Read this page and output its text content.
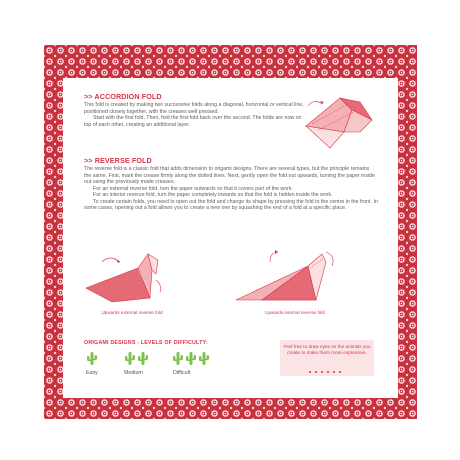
>> ACCORDION FOLD

This fold is created by making two successive folds along a diagonal, horizontal or vertical line, positioned closely together, with the creases well pressed.

Start with the first fold. Then, fold the first fold back over the second. The folds are now on top of each other, creating an additional layer.

>> REVERSE FOLD

The reverse fold is a classic fold that adds dimension to origami designs. There are several types, but the principle remains the same. First, mark the crease firmly along the dotted lines. Next, gently open the fold out upwards, turning the paper inside out using the previously made creases.

For an external reverse fold, turn the paper outwards so that it covers part of the work.

For an interior reverse fold, turn the paper completely inwards so that the fold is hidden inside the work.

To create certain folds, you need to open out the fold and change its shape by pressing the fold to the centre in the front. In some cases, opening out a fold allows you to create a new one by squashing the end of a fold at a specific place.

Upwards external reverse fold	Upwards internal reverse fold
ORIGAMI DESIGNS - LEVELS OF DIFFICULTY:
Easy	Medium	Difficult
Feel free to draw eyes on the animals you create to make them more expressive.
